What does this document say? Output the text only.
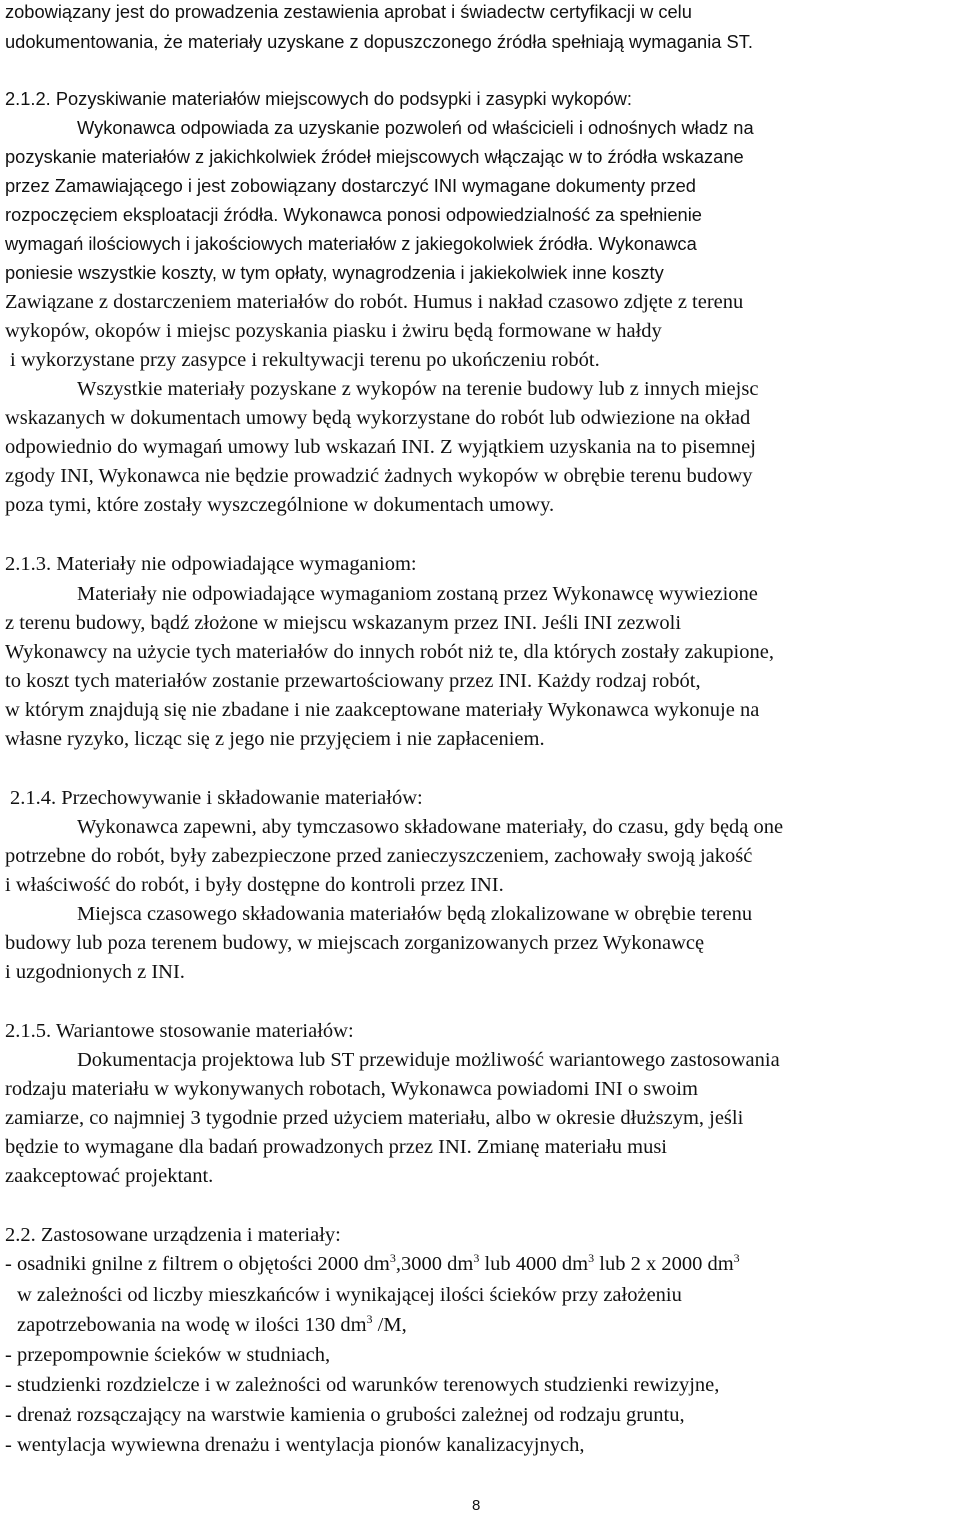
zobowiązany jest do prowadzenia zestawienia aprobat i świadectw certyfikacji w celu

udokumentowania, że materiały uzyskane z dopuszczonego źródła spełniają wymagania ST.

2.1.2. Pozyskiwanie materiałów miejscowych do podsypki i zasypki wykopów:

Wykonawca odpowiada za uzyskanie pozwoleń od właścicieli i odnośnych władz na

pozyskanie materiałów z jakichkolwiek źródeł miejscowych włączając w to źródła wskazane

przez Zamawiającego i jest zobowiązany dostarczyć INI wymagane dokumenty przed

rozpoczęciem eksploatacji źródła. Wykonawca ponosi odpowiedzialność za spełnienie

wymagań ilościowych i jakościowych materiałów z jakiegokolwiek źródła. Wykonawca

poniesie wszystkie koszty, w tym opłaty, wynagrodzenia i jakiekolwiek inne koszty

Zawiązane z dostarczeniem materiałów do robót. Humus i nakład czasowo zdjęte z terenu

wykopów, okopów i miejsc pozyskania piasku i żwiru będą formowane w hałdy

i wykorzystane przy zasypce i rekultywacji terenu po ukończeniu robót.

Wszystkie materiały pozyskane z wykopów na terenie budowy lub z innych miejsc

wskazanych w dokumentach umowy będą wykorzystane do robót lub odwiezione na okład

odpowiednio do wymagań umowy lub wskazań INI. Z wyjątkiem uzyskania na to pisemnej

zgody INI, Wykonawca nie będzie prowadzić żadnych wykopów w obrębie terenu budowy

poza tymi, które zostały wyszczególnione w dokumentach umowy.

2.1.3. Materiały nie odpowiadające wymaganiom:

Materiały nie odpowiadające wymaganiom zostaną przez Wykonawcę wywiezione

z terenu budowy, bądź złożone w miejscu wskazanym przez INI. Jeśli INI zezwoli

Wykonawcy na użycie tych materiałów do innych robót niż te, dla których zostały zakupione,

to koszt tych materiałów zostanie przewartościowany przez INI. Każdy rodzaj robót,

w którym znajdują się nie zbadane i nie zaakceptowane materiały Wykonawca wykonuje na

własne ryzyko, licząc się z jego nie przyjęciem i nie zapłaceniem.

2.1.4. Przechowywanie i składowanie materiałów:

Wykonawca zapewni, aby tymczasowo składowane materiały, do czasu, gdy będą one

potrzebne do robót, były zabezpieczone przed zanieczyszczeniem, zachowały swoją jakość

i właściwość do robót, i były dostępne do kontroli przez INI.

Miejsca czasowego składowania materiałów będą zlokalizowane w obrębie terenu

budowy lub poza terenem budowy, w miejscach zorganizowanych przez Wykonawcę

i uzgodnionych z INI.

2.1.5. Wariantowe stosowanie materiałów:

Dokumentacja projektowa lub ST przewiduje możliwość wariantowego zastosowania

rodzaju materiału w wykonywanych robotach, Wykonawca powiadomi INI o swoim

zamiarze, co najmniej 3 tygodnie przed użyciem materiału, albo w okresie dłuższym, jeśli

będzie to wymagane dla badań prowadzonych przez INI. Zmianę materiału musi

zaakceptować projektant.

2.2. Zastosowane urządzenia i materiały:

- osadniki gnilne z filtrem o objętości 2000 $dm^3,3000$ $dm^3$ lub 4000 $dm^3$ lub 2 x 2000 $dm^3$

w zależności od liczby mieszkańców i wynikającej ilości ścieków przy założeniu

zapotrzebowania na wodę w ilości 130 $dm^3$ /M,

- przepompownie ścieków w studniach,

- studzienki rozdzielcze i w zależności od warunków terenowych studzienki rewizyjne,

- drenaż rozsączający na warstwie kamienia o grubości zależnej od rodzaju gruntu,

- wentylacja wywiewna drenażu i wentylacja pionów kanalizacyjnych,

8
